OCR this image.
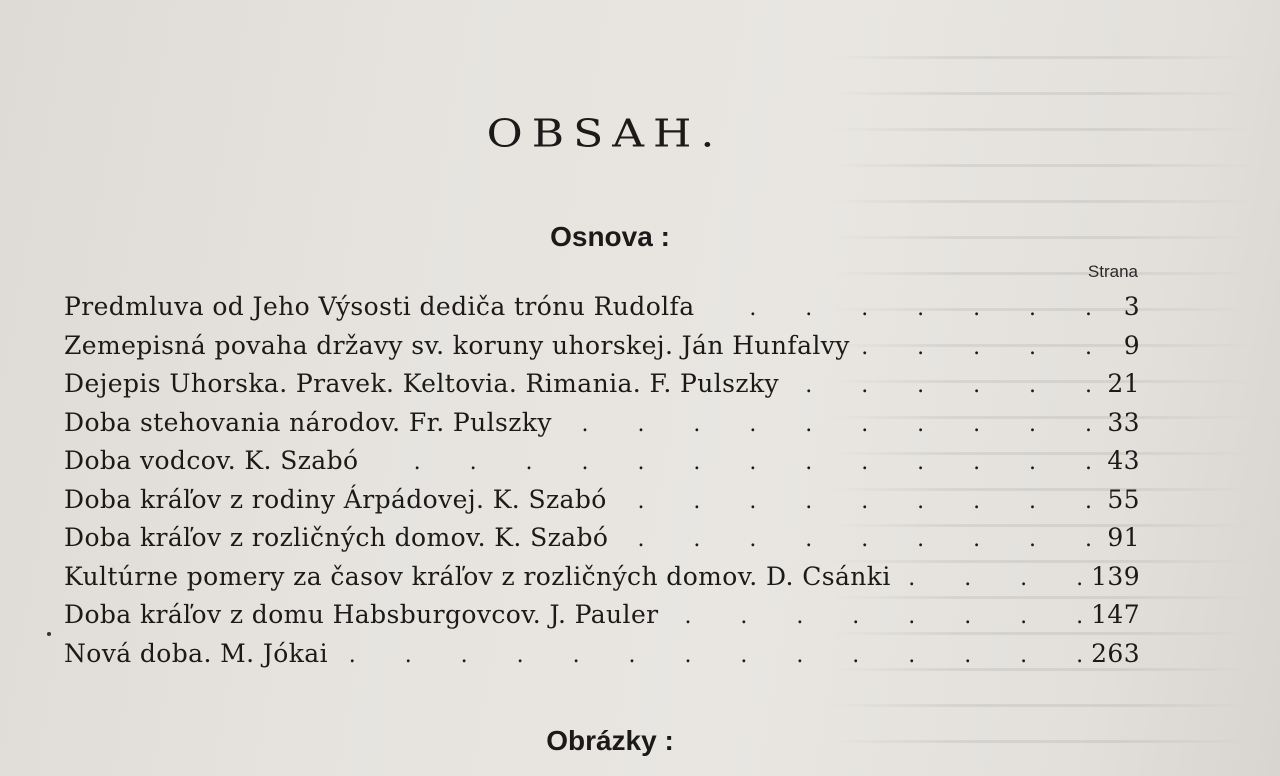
OBSAH.
Osnova :
Strana
Predmluva od Jeho Výsosti dediča trónu Rudolfa .	3
Zemepisná povaha državy sv. koruny uhorskej. Ján Hunfalvy .	9
Dejepis Uhorska. Pravek. Keltovia. Rimania. F. Pulszky .	21
Doba stehovania národov. Fr. Pulszky .	33
Doba vodcov. K. Szabó .	43
Doba kráľov z rodiny Árpádovej. K. Szabó .	55
Doba kráľov z rozličných domov. K. Szabó .	91
Kultúrne pomery za časov kráľov z rozličných domov. D. Csánki .	139
Doba kráľov z domu Habsburgovcov. J. Pauler .	147
Nová doba. M. Jókai .	263
Obrázky :
